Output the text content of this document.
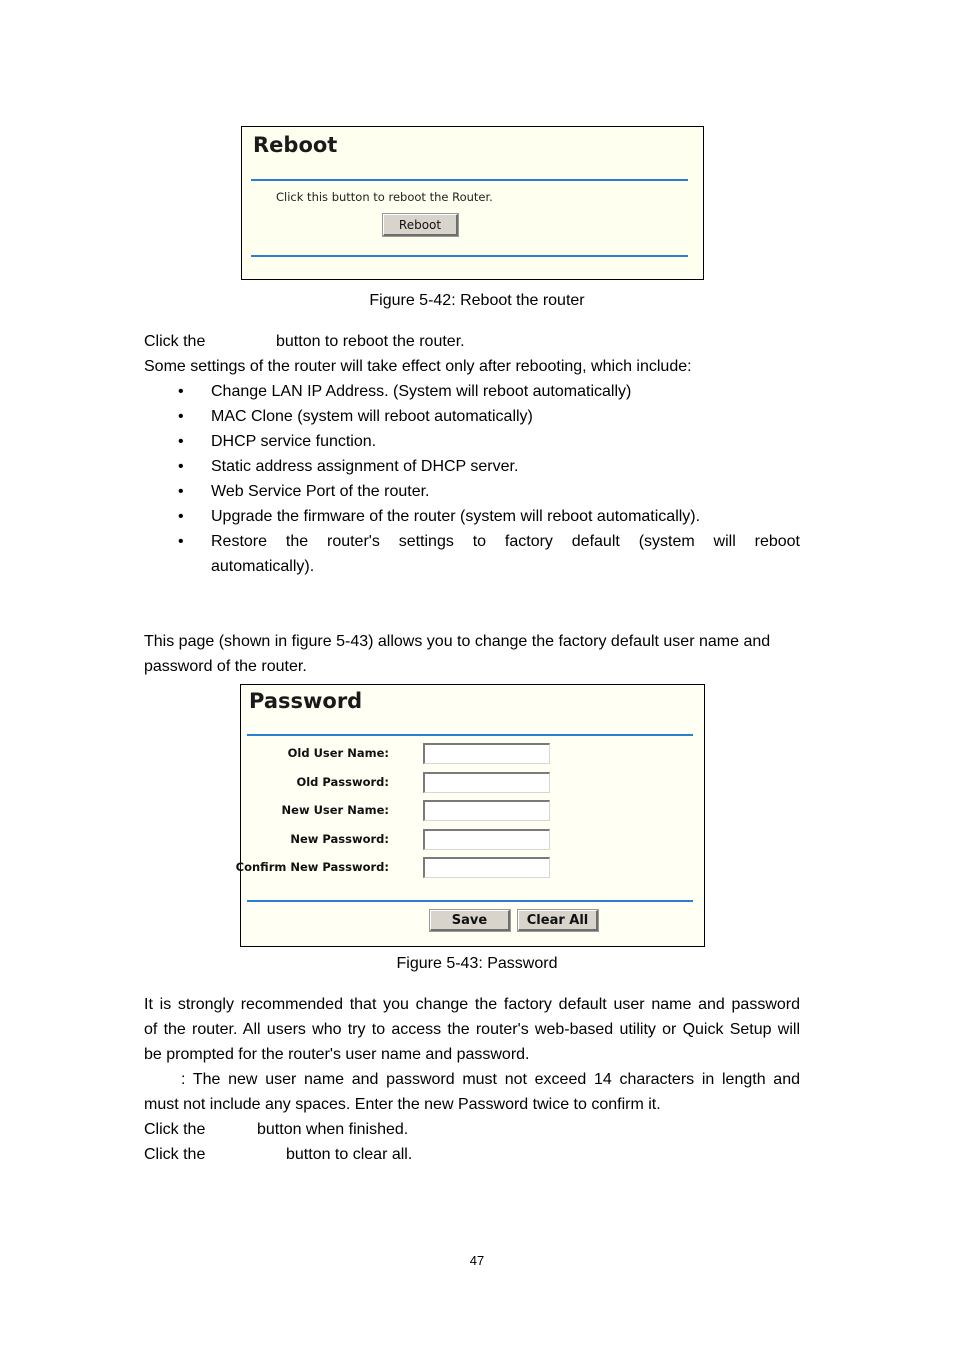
Reboot
Click this button to reboot the Router.
Reboot
Figure 5-42: Reboot the router
Click the	button to reboot the router.
Some settings of the router will take effect only after rebooting, which include:
• Change LAN IP Address. (System will reboot automatically)
• MAC Clone (system will reboot automatically)
• DHCP service function.
• Static address assignment of DHCP server.
• Web Service Port of the router.
• Upgrade the firmware of the router (system will reboot automatically).
• Restore the router's settings to factory default (system will reboot
automatically).
This page (shown in figure 5-43) allows you to change the factory default user name and
password of the router.
Password
Old User Name:
Old Password:
New User Name:
New Password:
Confirm New Password:
Save	Clear All
Figure 5-43: Password
It is strongly recommended that you change the factory default user name and password
of the router. All users who try to access the router's web-based utility or Quick Setup will
be prompted for the router's user name and password.
: The new user name and password must not exceed 14 characters in length and
must not include any spaces. Enter the new Password twice to confirm it.
Click the	button when finished.
Click the	button to clear all.
47
